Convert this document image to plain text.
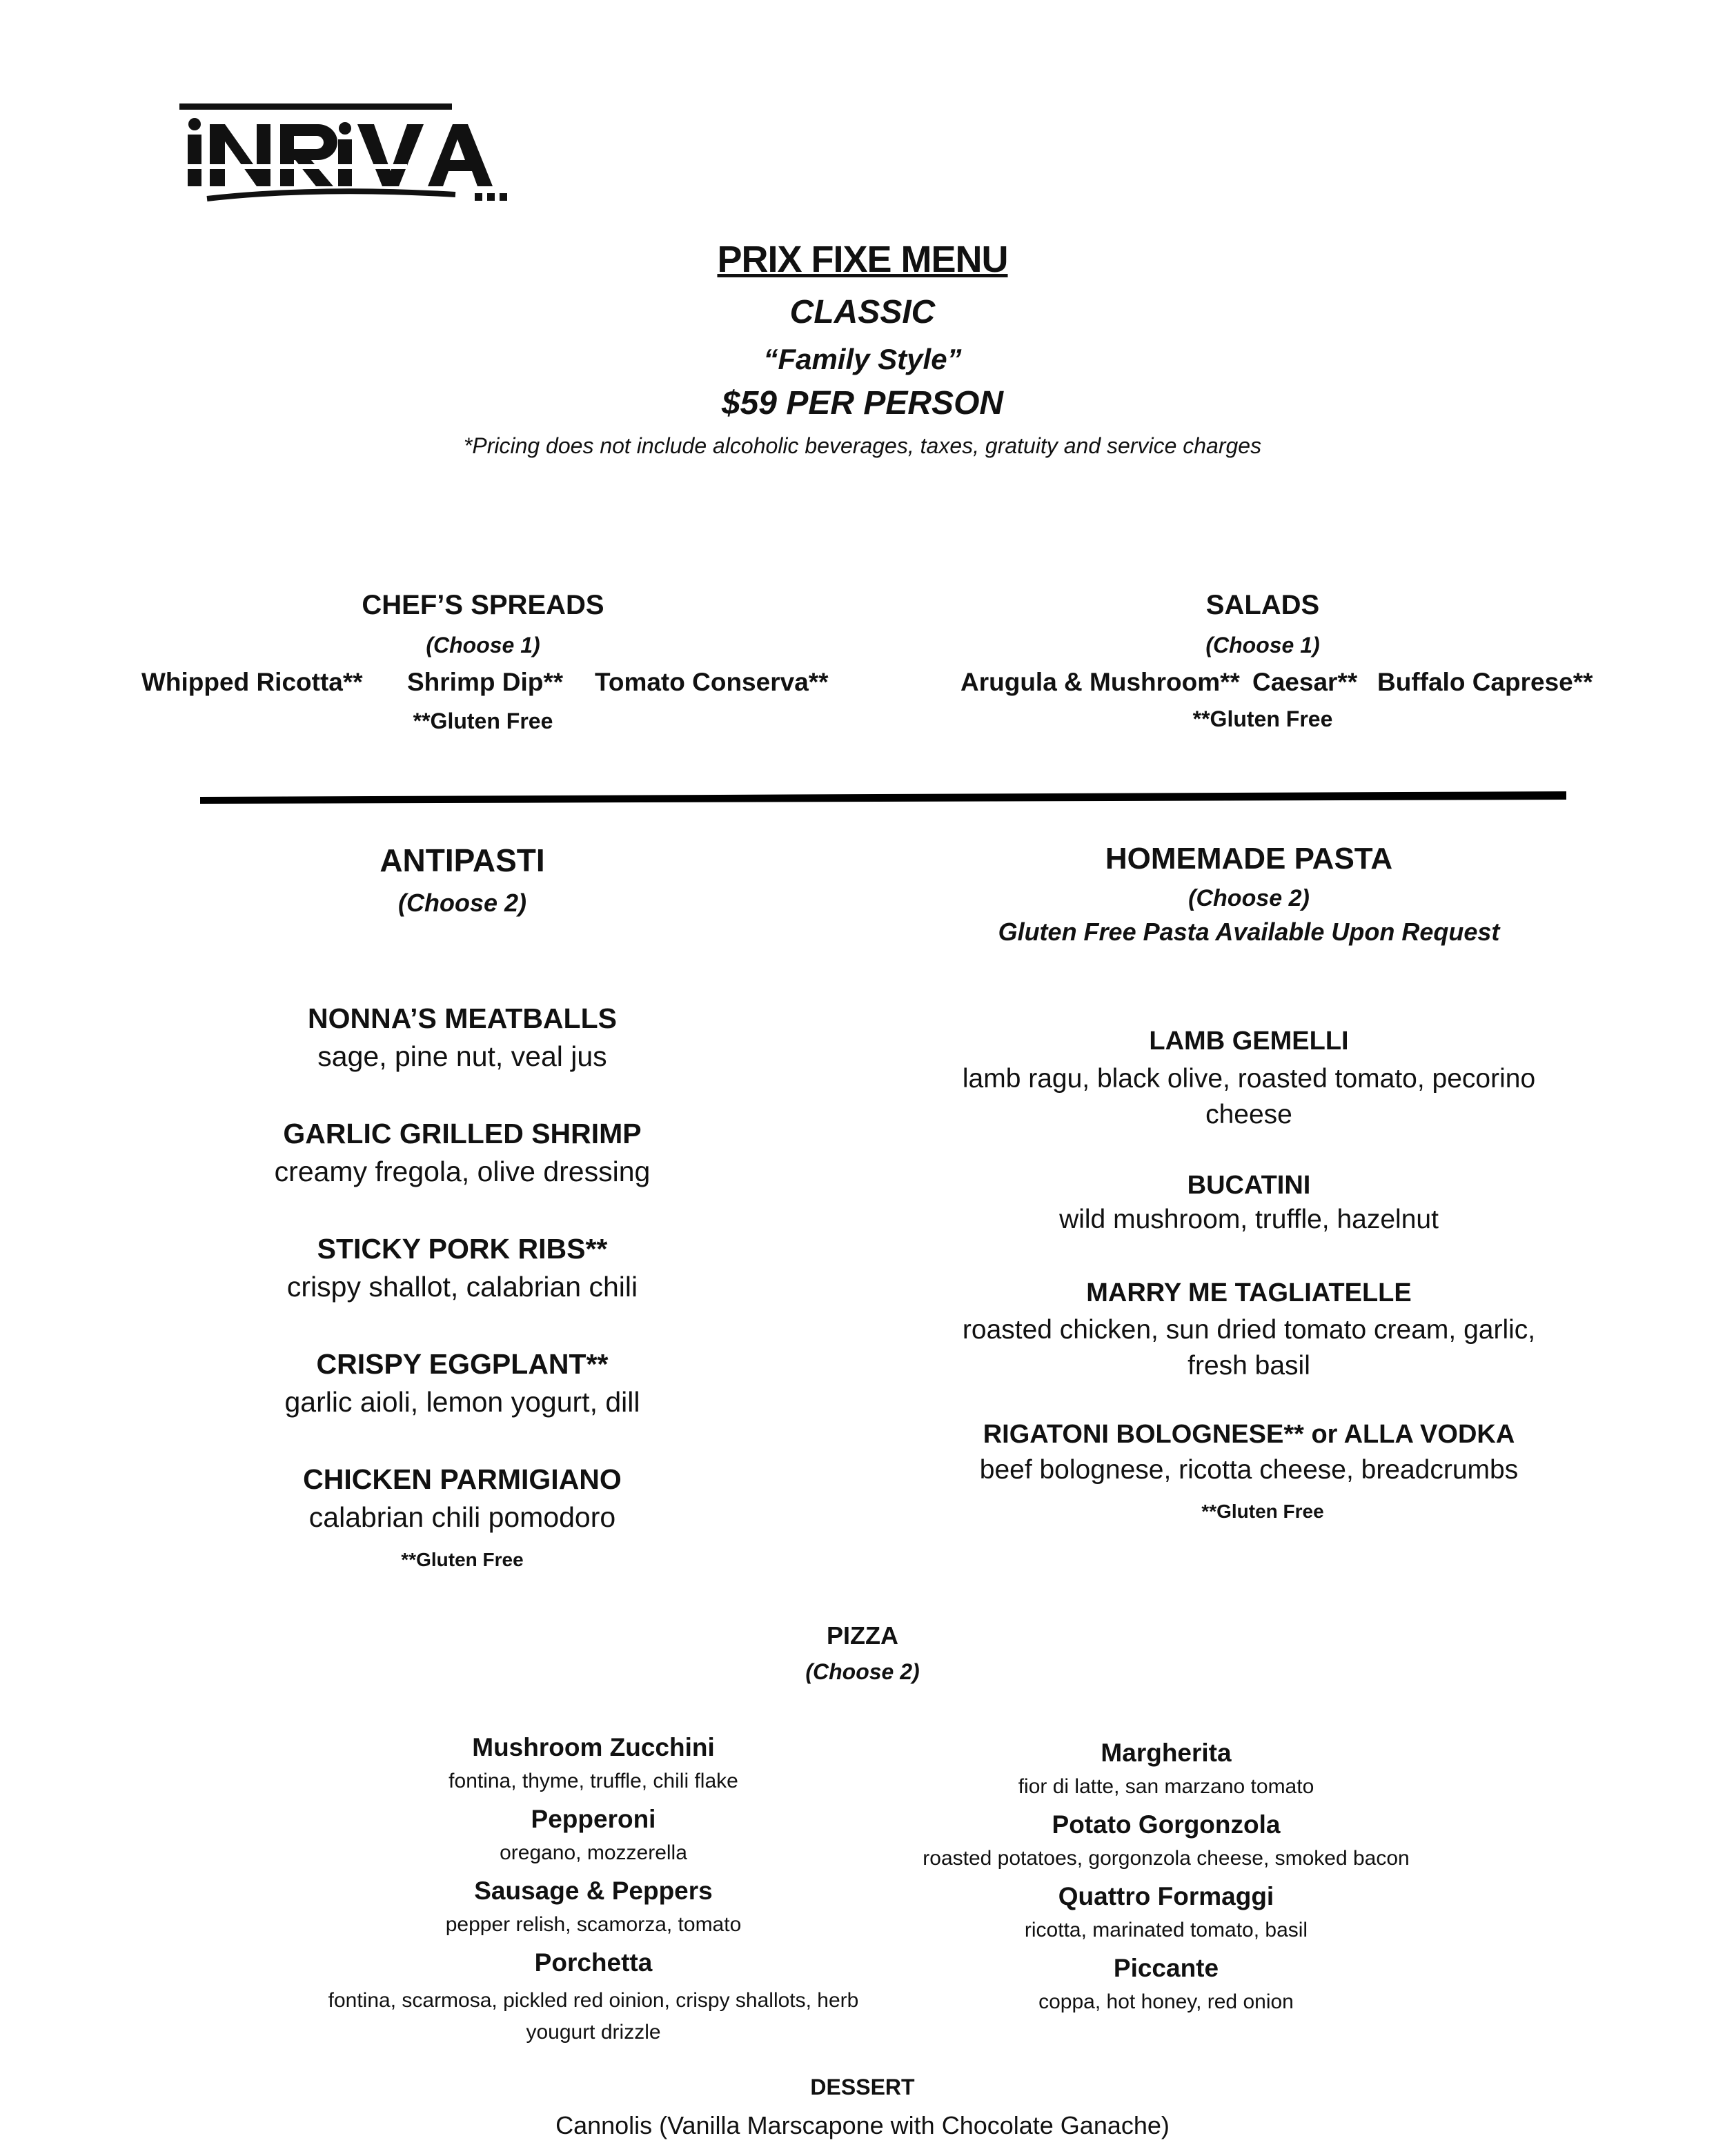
PRIX FIXE MENU
CLASSIC
“Family Style”
$59 PER PERSON
*Pricing does not include alcoholic beverages, taxes, gratuity and service charges
CHEF’S SPREADS
(Choose 1)
Whipped Ricotta** Shrimp Dip** Tomato Conserva**
**Gluten Free
SALADS
(Choose 1)
Arugula & Mushroom** Caesar** Buffalo Caprese**
**Gluten Free
ANTIPASTI
(Choose 2)
NONNA’S MEATBALLS
sage, pine nut, veal jus
GARLIC GRILLED SHRIMP
creamy fregola, olive dressing
STICKY PORK RIBS**
crispy shallot, calabrian chili
CRISPY EGGPLANT**
garlic aioli, lemon yogurt, dill
CHICKEN PARMIGIANO
calabrian chili pomodoro
**Gluten Free
HOMEMADE PASTA
(Choose 2)
Gluten Free Pasta Available Upon Request
LAMB GEMELLI
lamb ragu, black olive, roasted tomato, pecorino cheese
BUCATINI
wild mushroom, truffle, hazelnut
MARRY ME TAGLIATELLE
roasted chicken, sun dried tomato cream, garlic, fresh basil
RIGATONI BOLOGNESE** or ALLA VODKA
beef bolognese, ricotta cheese, breadcrumbs
**Gluten Free
PIZZA
(Choose 2)
Mushroom Zucchini
fontina, thyme, truffle, chili flake
Pepperoni
oregano, mozzerella
Sausage & Peppers
pepper relish, scamorza, tomato
Porchetta
fontina, scarmosa, pickled red oinion, crispy shallots, herb yougurt drizzle
Margherita
fior di latte, san marzano tomato
Potato Gorgonzola
roasted potatoes, gorgonzola cheese, smoked bacon
Quattro Formaggi
ricotta, marinated tomato, basil
Piccante
coppa, hot honey, red onion
DESSERT
Cannolis (Vanilla Marscapone with Chocolate Ganache)
